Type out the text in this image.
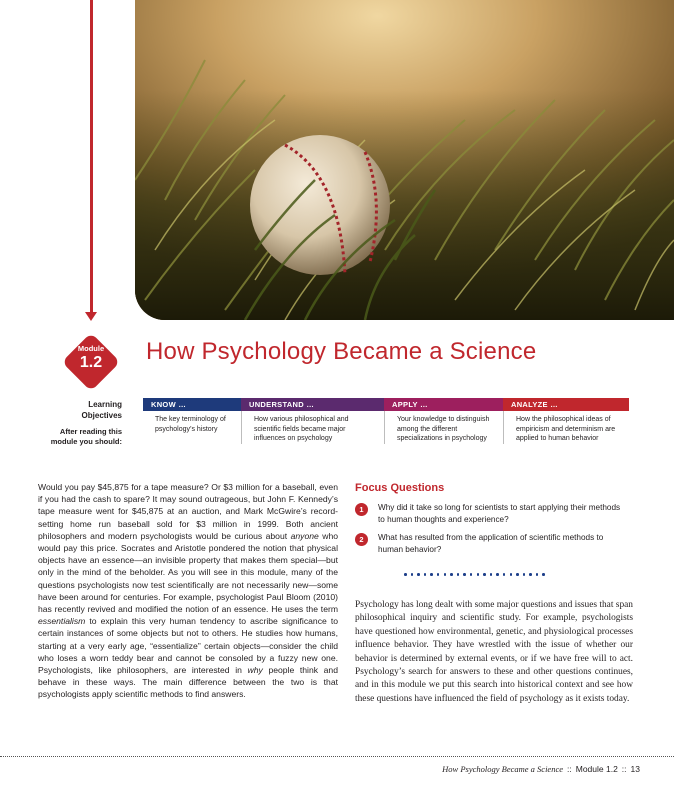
Module
1.2	How Psychology Became a Science
Learning Objectives
After reading this module you should:
KNOW …
The key terminology of psychology’s history
UNDERSTAND …
How various philosophical and scientific fields became major influences on psychology
APPLY …
Your knowledge to distinguish among the different specializations in psychology
ANALYZE …
How the philosophical ideas of empiricism and determinism are applied to human behavior
Would you pay $45,875 for a tape measure? Or $3 million for a baseball, even if you had the cash to spare? It may sound outrageous, but John F. Kennedy’s tape measure went for $45,875 at an auction, and Mark McGwire’s record-setting home run baseball sold for $3 million in 1999. Both ancient philosophers and modern psychologists would be curious about anyone who would pay this price. Socrates and Aristotle pondered the notion that physical objects have an essence—an invisible property that makes them special—but only in the mind of the beholder. As you will see in this module, many of the questions psychologists now test scientifically are not necessarily new—some have been around for centuries. For example, psychologist Paul Bloom (2010) has recently revived and modified the notion of an essence. He uses the term essentialism to explain this very human tendency to ascribe significance to certain instances of some objects but not to others. He studies how humans, starting at a very early age, “essentialize” certain objects—consider the child who loses a worn teddy bear and cannot be consoled by a fuzzy new one. Psychologists, like philosophers, are interested in why people think and behave in these ways. The main difference between the two is that psychologists apply scientific methods to find answers.
Focus Questions
1	Why did it take so long for scientists to start applying their methods to human thoughts and experience?
2	What has resulted from the application of scientific methods to human behavior?
Psychology has long dealt with some major questions and issues that span philosophical inquiry and scientific study. For example, psychologists have questioned how environmental, genetic, and physiological processes influence behavior. They have wrestled with the issue of whether our behavior is determined by external events, or if we have free will to act. Psychology’s search for answers to these and other questions continues, and in this module we put this search into historical context and see how these questions have influenced the field of psychology as it exists today.
How Psychology Became a Science :: Module 1.2 :: 13
